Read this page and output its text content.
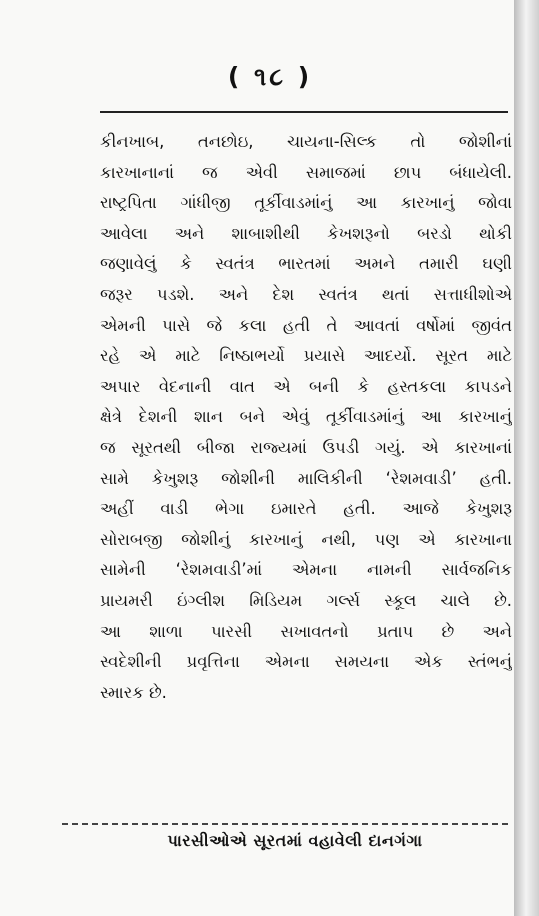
( ૧૮ )
કીનખાબ, તનછોઇ, ચાયના-સિલ્ક તો જોશીનાં
કારખાનાનાં જ એવી સમાજમાં છાપ બંધાયેલી.
રાષ્ટ્રપિતા ગાંધીજી તૂર્કીવાડમાંનું આ કારખાનું જોવા
આવેલા અને શાબાશીથી કેખશરૂનો બરડો થોકી
જણાવેલું કે સ્વતંત્ર ભારતમાં અમને તમારી ઘણી
જરૂર પડશે. અને દેશ સ્વતંત્ર થતાં સત્તાધીશોએ
એમની પાસે જે કલા હતી તે આવતાં વર્ષોમાં જીવંત
રહે એ માટે નિષ્ઠાભર્યો પ્રયાસે આદર્યો. સૂરત માટે
અપાર વેદનાની વાત એ બની કે હસ્તકલા કાપડને
ક્ષેત્રે દેશની શાન બને એવું તૂર્કીવાડમાંનું આ કારખાનું
જ સૂરતથી બીજા રાજ્યમાં ઉપડી ગયું. એ કારખાનાં
સામે કેખુશરૂ જોશીની માલિકીની ‘રેશમવાડી’ હતી.
અહીં વાડી ભેગા ઇમારતે હતી. આજે કેખુશરૂ
સોરાબજી જોશીનું કારખાનું નથી, પણ એ કારખાના
સામેની ‘રેશમવાડી’માં એમના નામની સાર્વજનિક
પ્રાયમરી ઇંગ્લીશ મિડિયમ ગર્લ્સ સ્કૂલ ચાલે છે.
આ શાળા પારસી સખાવતનો પ્રતાપ છે અને
સ્વદેશીની પ્રવૃત્તિના એમના સમયના એક સ્તંભનું
સ્મારક છે.
પારસીઓએ સૂરતમાં વહાવેલી દાનગંગા
